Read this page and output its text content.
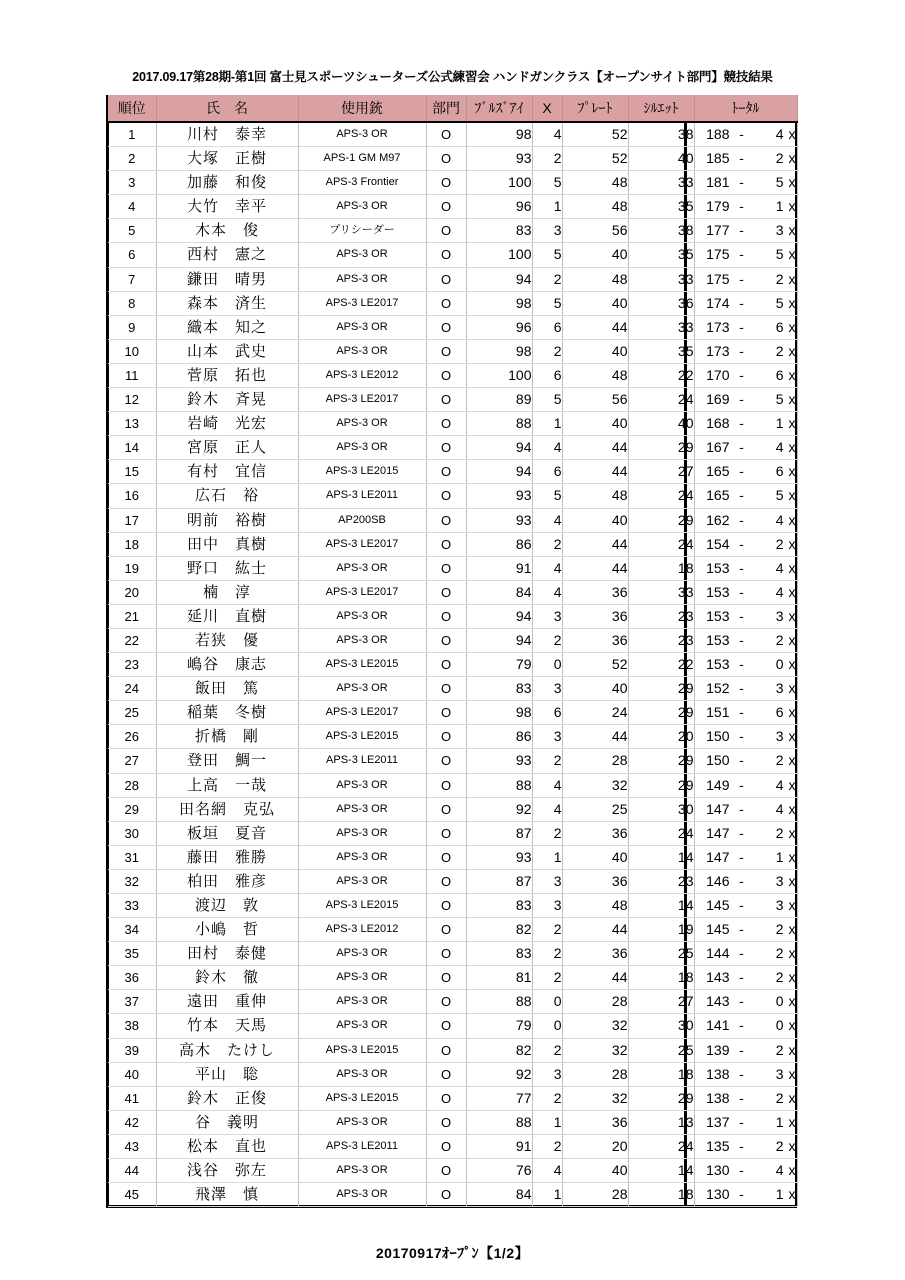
2017.09.17第28期-第1回 富士見スポーツシューターズ公式練習会 ハンドガンクラス【オープンサイト部門】競技結果
順位	氏　名	使用銃	部門	ﾌﾞﾙｽﾞｱｲ	X	ﾌﾟﾚｰﾄ	ｼﾙｴｯﾄ	ﾄｰﾀﾙ
1	川村　泰幸	APS-3 OR	O	98	4	52	38	188 - 4 x

2	大塚　正樹	APS-1 GM M97	O	93	2	52	40	185 - 2 x

3	加藤　和俊	APS-3 Frontier	O	100	5	48	33	181 - 5 x

4	大竹　幸平	APS-3 OR	O	96	1	48	35	179 - 1 x

5	木本　俊	プリシーダー	O	83	3	56	38	177 - 3 x

6	西村　憲之	APS-3 OR	O	100	5	40	35	175 - 5 x

7	鎌田　晴男	APS-3 OR	O	94	2	48	33	175 - 2 x

8	森本　済生	APS-3 LE2017	O	98	5	40	36	174 - 5 x

9	織本　知之	APS-3 OR	O	96	6	44	33	173 - 6 x

10	山本　武史	APS-3 OR	O	98	2	40	35	173 - 2 x

11	菅原　拓也	APS-3 LE2012	O	100	6	48	22	170 - 6 x

12	鈴木　斉晃	APS-3 LE2017	O	89	5	56	24	169 - 5 x

13	岩崎　光宏	APS-3 OR	O	88	1	40	40	168 - 1 x

14	宮原　正人	APS-3 OR	O	94	4	44	29	167 - 4 x

15	有村　宜信	APS-3 LE2015	O	94	6	44	27	165 - 6 x

16	広石　裕	APS-3 LE2011	O	93	5	48	24	165 - 5 x

17	明前　裕樹	AP200SB	O	93	4	40	29	162 - 4 x

18	田中　真樹	APS-3 LE2017	O	86	2	44	24	154 - 2 x

19	野口　紘士	APS-3 OR	O	91	4	44	18	153 - 4 x

20	楠　淳	APS-3 LE2017	O	84	4	36	33	153 - 4 x

21	延川　直樹	APS-3 OR	O	94	3	36	23	153 - 3 x

22	若狭　優	APS-3 OR	O	94	2	36	23	153 - 2 x

23	嶋谷　康志	APS-3 LE2015	O	79	0	52	22	153 - 0 x

24	飯田　篤	APS-3 OR	O	83	3	40	29	152 - 3 x

25	稲葉　冬樹	APS-3 LE2017	O	98	6	24	29	151 - 6 x

26	折橋　剛	APS-3 LE2015	O	86	3	44	20	150 - 3 x

27	登田　鯛一	APS-3 LE2011	O	93	2	28	29	150 - 2 x

28	上高　一哉	APS-3 OR	O	88	4	32	29	149 - 4 x

29	田名網　克弘	APS-3 OR	O	92	4	25	30	147 - 4 x

30	板垣　夏音	APS-3 OR	O	87	2	36	24	147 - 2 x

31	藤田　雅勝	APS-3 OR	O	93	1	40	14	147 - 1 x

32	柏田　雅彦	APS-3 OR	O	87	3	36	23	146 - 3 x

33	渡辺　敦	APS-3 LE2015	O	83	3	48	14	145 - 3 x

34	小嶋　哲	APS-3 LE2012	O	82	2	44	19	145 - 2 x

35	田村　泰健	APS-3 OR	O	83	2	36	25	144 - 2 x

36	鈴木　徹	APS-3 OR	O	81	2	44	18	143 - 2 x

37	遠田　重伸	APS-3 OR	O	88	0	28	27	143 - 0 x

38	竹本　天馬	APS-3 OR	O	79	0	32	30	141 - 0 x

39	高木　たけし	APS-3 LE2015	O	82	2	32	25	139 - 2 x

40	平山　聡	APS-3 OR	O	92	3	28	18	138 - 3 x

41	鈴木　正俊	APS-3 LE2015	O	77	2	32	29	138 - 2 x

42	谷　義明	APS-3 OR	O	88	1	36	13	137 - 1 x

43	松本　直也	APS-3 LE2011	O	91	2	20	24	135 - 2 x

44	浅谷　弥左	APS-3 OR	O	76	4	40	14	130 - 4 x

45	飛澤　慎	APS-3 OR	O	84	1	28	18	130 - 1 x
20170917ｵｰﾌﾟﾝ【1/2】
